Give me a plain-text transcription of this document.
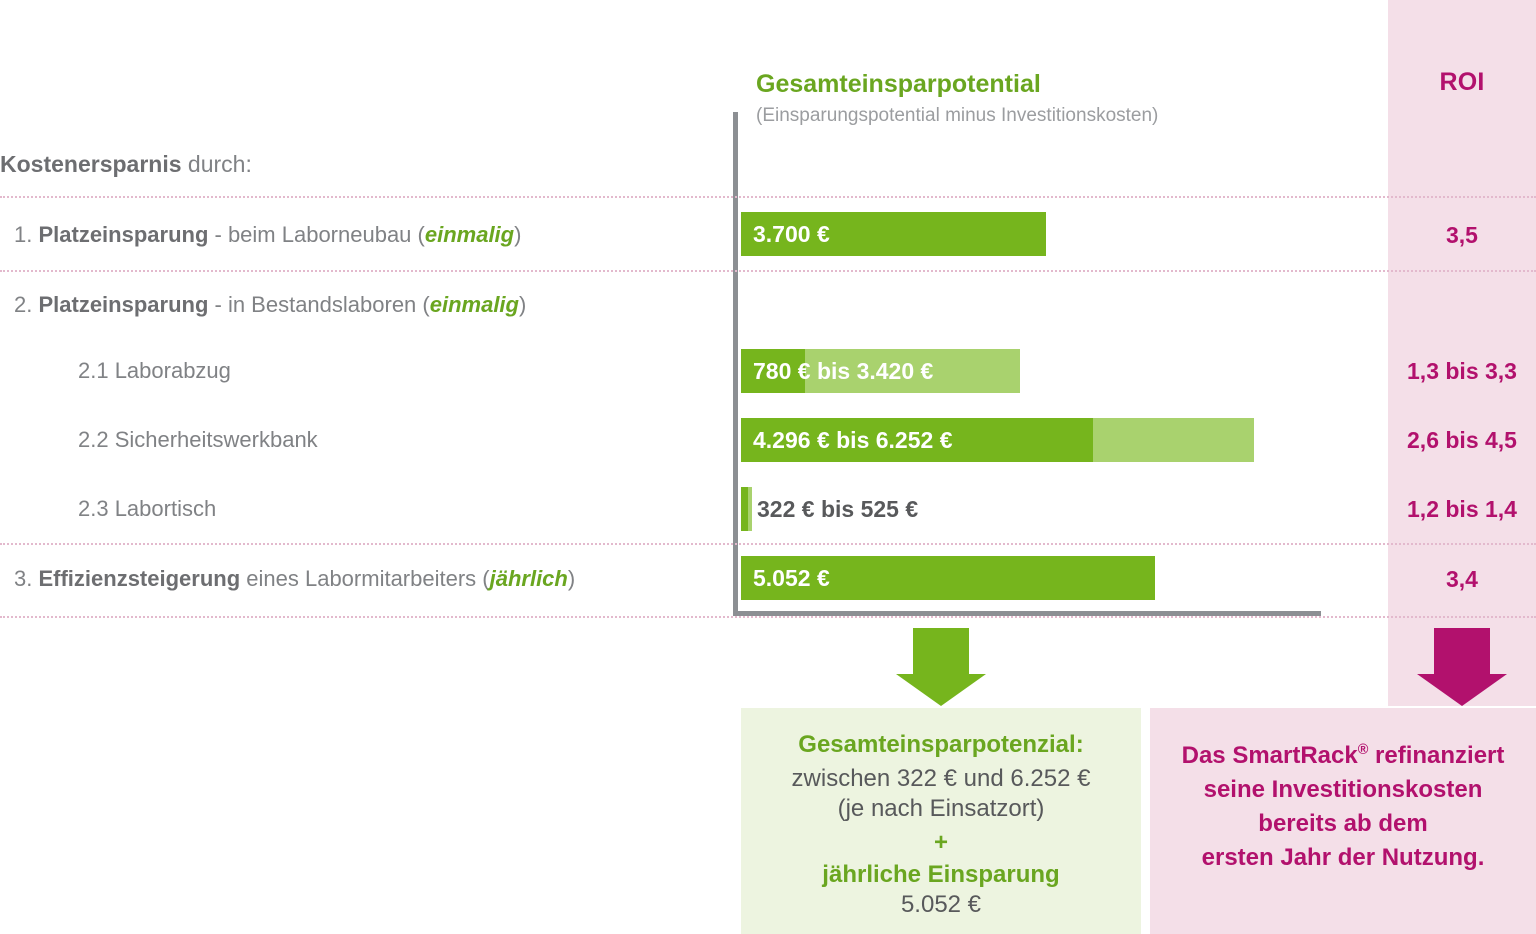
Gesamteinsparpotential
(Einsparungspotential minus Investitionskosten)
ROI
Kostenersparnis durch:
1. Platzeinsparung - beim Laborneubau (einmalig)	3.700 €	3,5
2. Platzeinsparung - in Bestandslaboren (einmalig)
2.1 Laborabzug	780 € bis 3.420 €	1,3 bis 3,3
2.2 Sicherheitswerkbank	4.296 € bis 6.252 €	2,6 bis 4,5
2.3 Labortisch	322 € bis 525 €	1,2 bis 1,4
3. Effizienzsteigerung eines Labormitarbeiters (jährlich)	5.052 €	3,4
Gesamteinsparpotenzial:
zwischen 322 € und 6.252 €
(je nach Einsatzort)
+
jährliche Einsparung
5.052 €
Das SmartRack® refinanziert
seine Investitionskosten
bereits ab dem
ersten Jahr der Nutzung.
